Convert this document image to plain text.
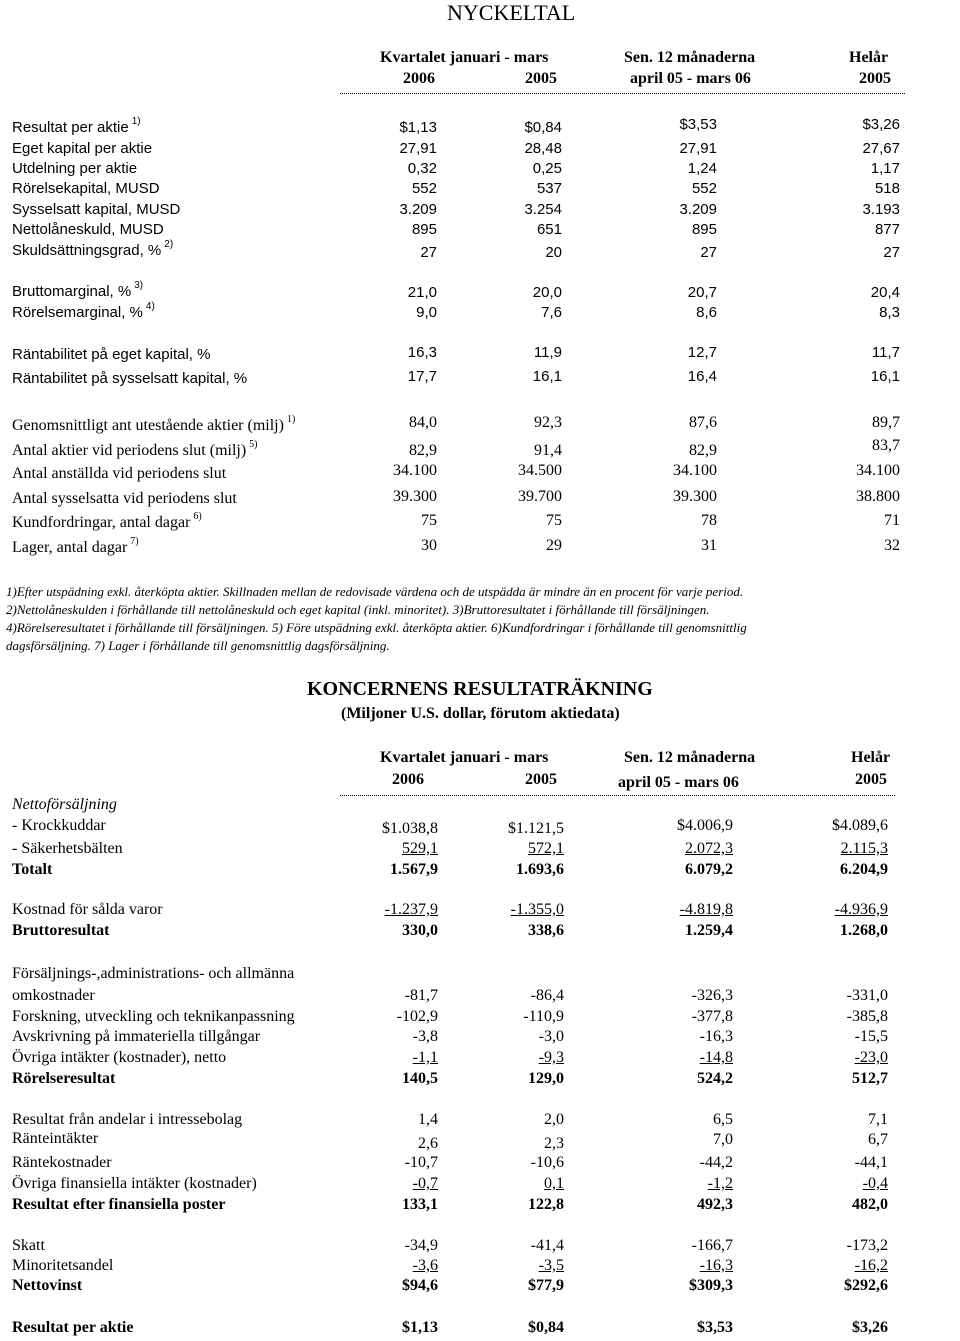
NYCKELTAL
Kvartalet januari - mars	Sen. 12 månaderna	Helår
2006	2005	april 05 - mars 06	2005
Resultat per aktie $^{1)}$	$1,13	$0,84	$3,53	$3,26
Eget kapital per aktie	27,91	28,48	27,91	27,67
Utdelning per aktie	0,32	0,25	1,24	1,17
Rörelsekapital, MUSD	552	537	552	518
Sysselsatt kapital, MUSD	3.209	3.254	3.209	3.193
Nettolåneskuld, MUSD	895	651	895	877
Skuldsättningsgrad, % $^{2)}$	27	20	27	27
Bruttomarginal, % $^{3)}$	21,0	20,0	20,7	20,4
Rörelsemarginal, % $^{4)}$	9,0	7,6	8,6	8,3
Räntabilitet på eget kapital, %	16,3	11,9	12,7	11,7
Räntabilitet på sysselsatt kapital, %	17,7	16,1	16,4	16,1
Genomsnittligt ant utestående aktier (milj) $^{1)}$	84,0	92,3	87,6	89,7
Antal aktier vid periodens slut (milj) $^{5)}$	82,9	91,4	82,9	83,7
Antal anställda vid periodens slut	34.100	34.500	34.100	34.100
Antal sysselsatta vid periodens slut	39.300	39.700	39.300	38.800
Kundfordringar, antal dagar $^{6)}$	75	75	78	71
Lager, antal dagar $^{7)}$	30	29	31	32
1)Efter utspädning exkl. återköpta aktier. Skillnaden mellan de redovisade värdena och de utspädda är mindre än en procent för varje period.
2)Nettolåneskulden i förhållande till nettolåneskuld och eget kapital (inkl. minoritet). 3)Bruttoresultatet i förhållande till försäljningen.
4)Rörelseresultatet i förhållande till försäljningen. 5) Före utspädning exkl. återköpta aktier. 6)Kundfordringar i förhållande till genomsnittlig
dagsförsäljning. 7) Lager i förhållande till genomsnittlig dagsförsäljning.
KONCERNENS RESULTATRÄKNING
(Miljoner U.S. dollar, förutom aktiedata)
Kvartalet januari - mars	Sen. 12 månaderna	Helår
2006	2005	april 05 - mars 06	2005
Nettoförsäljning
- Krockkuddar	$1.038,8	$1.121,5	$4.006,9	$4.089,6
- Säkerhetsbälten	529,1	572,1	2.072,3	2.115,3
Totalt	1.567,9	1.693,6	6.079,2	6.204,9
Kostnad för sålda varor	-1.237,9	-1.355,0	-4.819,8	-4.936,9
Bruttoresultat	330,0	338,6	1.259,4	1.268,0
Försäljnings-,administrations- och allmänna
omkostnader	-81,7	-86,4	-326,3	-331,0
Forskning, utveckling och teknikanpassning	-102,9	-110,9	-377,8	-385,8
Avskrivning på immateriella tillgångar	-3,8	-3,0	-16,3	-15,5
Övriga intäkter (kostnader), netto	-1,1	-9,3	-14,8	-23,0
Rörelseresultat	140,5	129,0	524,2	512,7
Resultat från andelar i intressebolag	1,4	2,0	6,5	7,1
Ränteintäkter	2,6	2,3	7,0	6,7
Räntekostnader	-10,7	-10,6	-44,2	-44,1
Övriga finansiella intäkter (kostnader)	-0,7	0,1	-1,2	-0,4
Resultat efter finansiella poster	133,1	122,8	492,3	482,0
Skatt	-34,9	-41,4	-166,7	-173,2
Minoritetsandel	-3,6	-3,5	-16,3	-16,2
Nettovinst	$94,6	$77,9	$309,3	$292,6
Resultat per aktie	$1,13	$0,84	$3,53	$3,26
